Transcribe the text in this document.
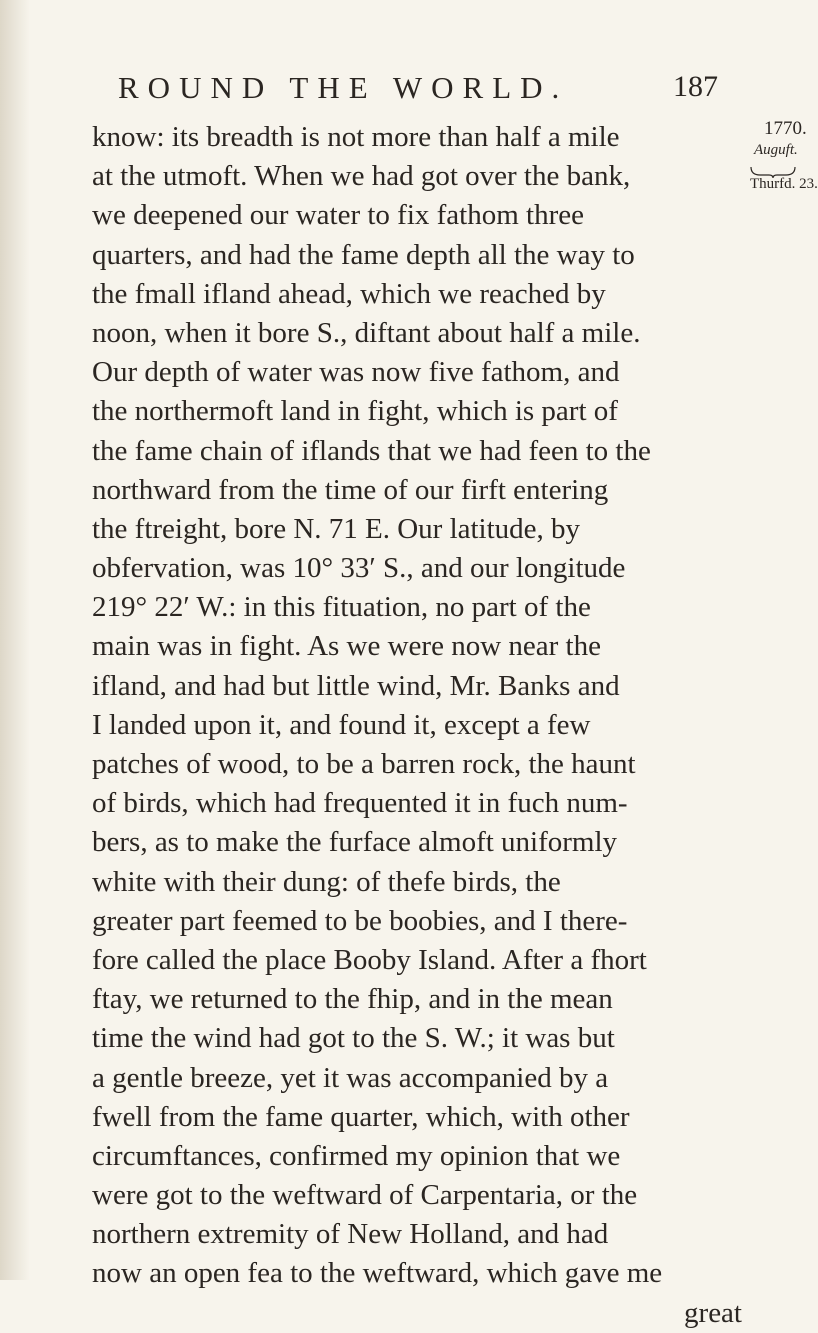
ROUND THE WORLD.	187
1770.
Auguft.
Thurfd. 23.
know: its breadth is not more than half a mile
at the utmoft. When we had got over the bank,
we deepened our water to fix fathom three
quarters, and had the fame depth all the way to
the fmall ifland ahead, which we reached by
noon, when it bore S., diftant about half a mile.
Our depth of water was now five fathom, and
the northermoft land in fight, which is part of
the fame chain of iflands that we had feen to the
northward from the time of our firft entering
the ftreight, bore N. 71 E. Our latitude, by
obfervation, was 10° 33′ S., and our longitude
219° 22′ W.: in this fituation, no part of the
main was in fight. As we were now near the
ifland, and had but little wind, Mr. Banks and
I landed upon it, and found it, except a few
patches of wood, to be a barren rock, the haunt
of birds, which had frequented it in fuch num-
bers, as to make the furface almoft uniformly
white with their dung: of thefe birds, the
greater part feemed to be boobies, and I there-
fore called the place Booby Island. After a fhort
ftay, we returned to the fhip, and in the mean
time the wind had got to the S. W.; it was but
a gentle breeze, yet it was accompanied by a
fwell from the fame quarter, which, with other
circumftances, confirmed my opinion that we
were got to the weftward of Carpentaria, or the
northern extremity of New Holland, and had
now an open fea to the weftward, which gave me
great
